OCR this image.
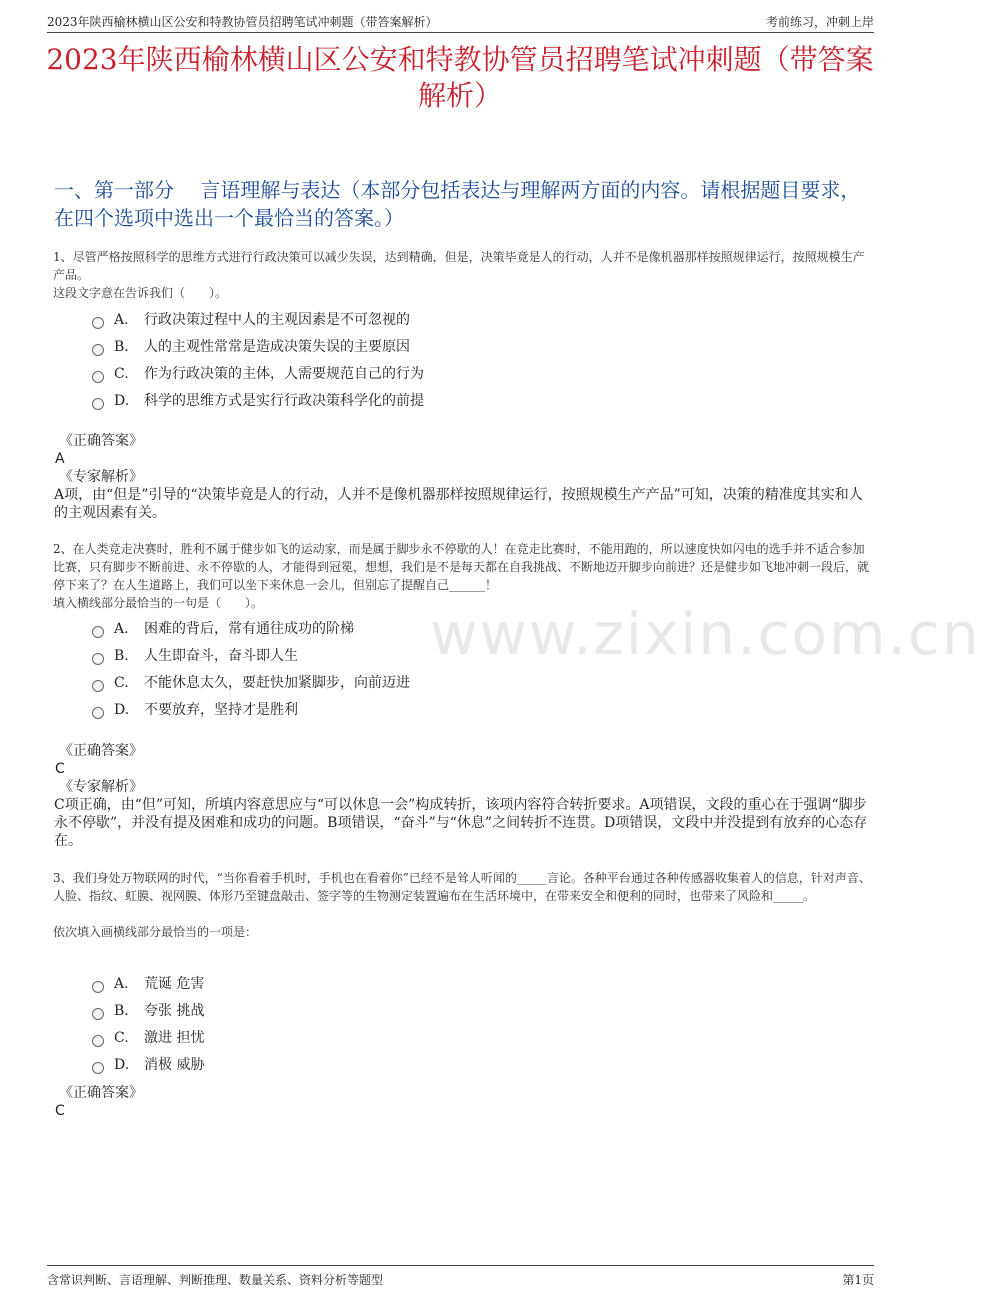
2023年陕西榆林横山区公安和特教协管员招聘笔试冲刺题（带答案解析）	考前练习，冲刺上岸
2023年陕西榆林横山区公安和特教协管员招聘笔试冲刺题（带答案解析）
一、第一部分　 言语理解与表达（本部分包括表达与理解两方面的内容。请根据题目要求，在四个选项中选出一个最恰当的答案。）
www.zixin.com.cn
1、尽管严格按照科学的思维方式进行行政决策可以减少失误，达到精确，但是，决策毕竟是人的行动，人并不是像机器那样按照规律运行，按照规模生产产品。
这段文字意在告诉我们（　　）。
A.	行政决策过程中人的主观因素是不可忽视的
B.	人的主观性常常是造成决策失误的主要原因
C.	作为行政决策的主体，人需要规范自己的行为
D.	科学的思维方式是实行行政决策科学化的前提
《正确答案》
A
《专家解析》
A项，由“但是”引导的“决策毕竟是人的行动，人并不是像机器那样按照规律运行，按照规模生产产品”可知，决策的精准度其实和人的主观因素有关。
2、在人类竞走决赛时，胜利不属于健步如飞的运动家，而是属于脚步永不停歇的人！在竞走比赛时，不能用跑的，所以速度快如闪电的选手并不适合参加比赛，只有脚步不断前进、永不停歇的人，才能得到冠冕，想想，我们是不是每天都在自我挑战、不断地迈开脚步向前进？还是健步如飞地冲刺一段后，就停下来了？在人生道路上，我们可以坐下来休息一会儿，但别忘了提醒自己______！
填入横线部分最恰当的一句是（　　）。
A.	困难的背后，常有通往成功的阶梯
B.	人生即奋斗，奋斗即人生
C.	不能休息太久，要赶快加紧脚步，向前迈进
D.	不要放弃，坚持才是胜利
《正确答案》
C
《专家解析》
C项正确，由“但”可知，所填内容意思应与“可以休息一会”构成转折，该项内容符合转折要求。A项错误，文段的重心在于强调“脚步永不停歇”，并没有提及困难和成功的问题。B项错误，“奋斗”与“休息”之间转折不连贯。D项错误，文段中并没提到有放弃的心态存在。
3、我们身处万物联网的时代，“当你看着手机时，手机也在看着你”已经不是耸人听闻的_____言论。各种平台通过各种传感器收集着人的信息，针对声音、人脸、指纹、虹膜、视网膜、体形乃至键盘敲击、签字等的生物测定装置遍布在生活环境中，在带来安全和便利的同时，也带来了风险和_____。
依次填入画横线部分最恰当的一项是：
A.	荒诞 危害
B.	夸张 挑战
C.	激进 担忧
D.	消极 威胁
《正确答案》
C
含常识判断、言语理解、判断推理、数量关系、资料分析等题型	第1页
